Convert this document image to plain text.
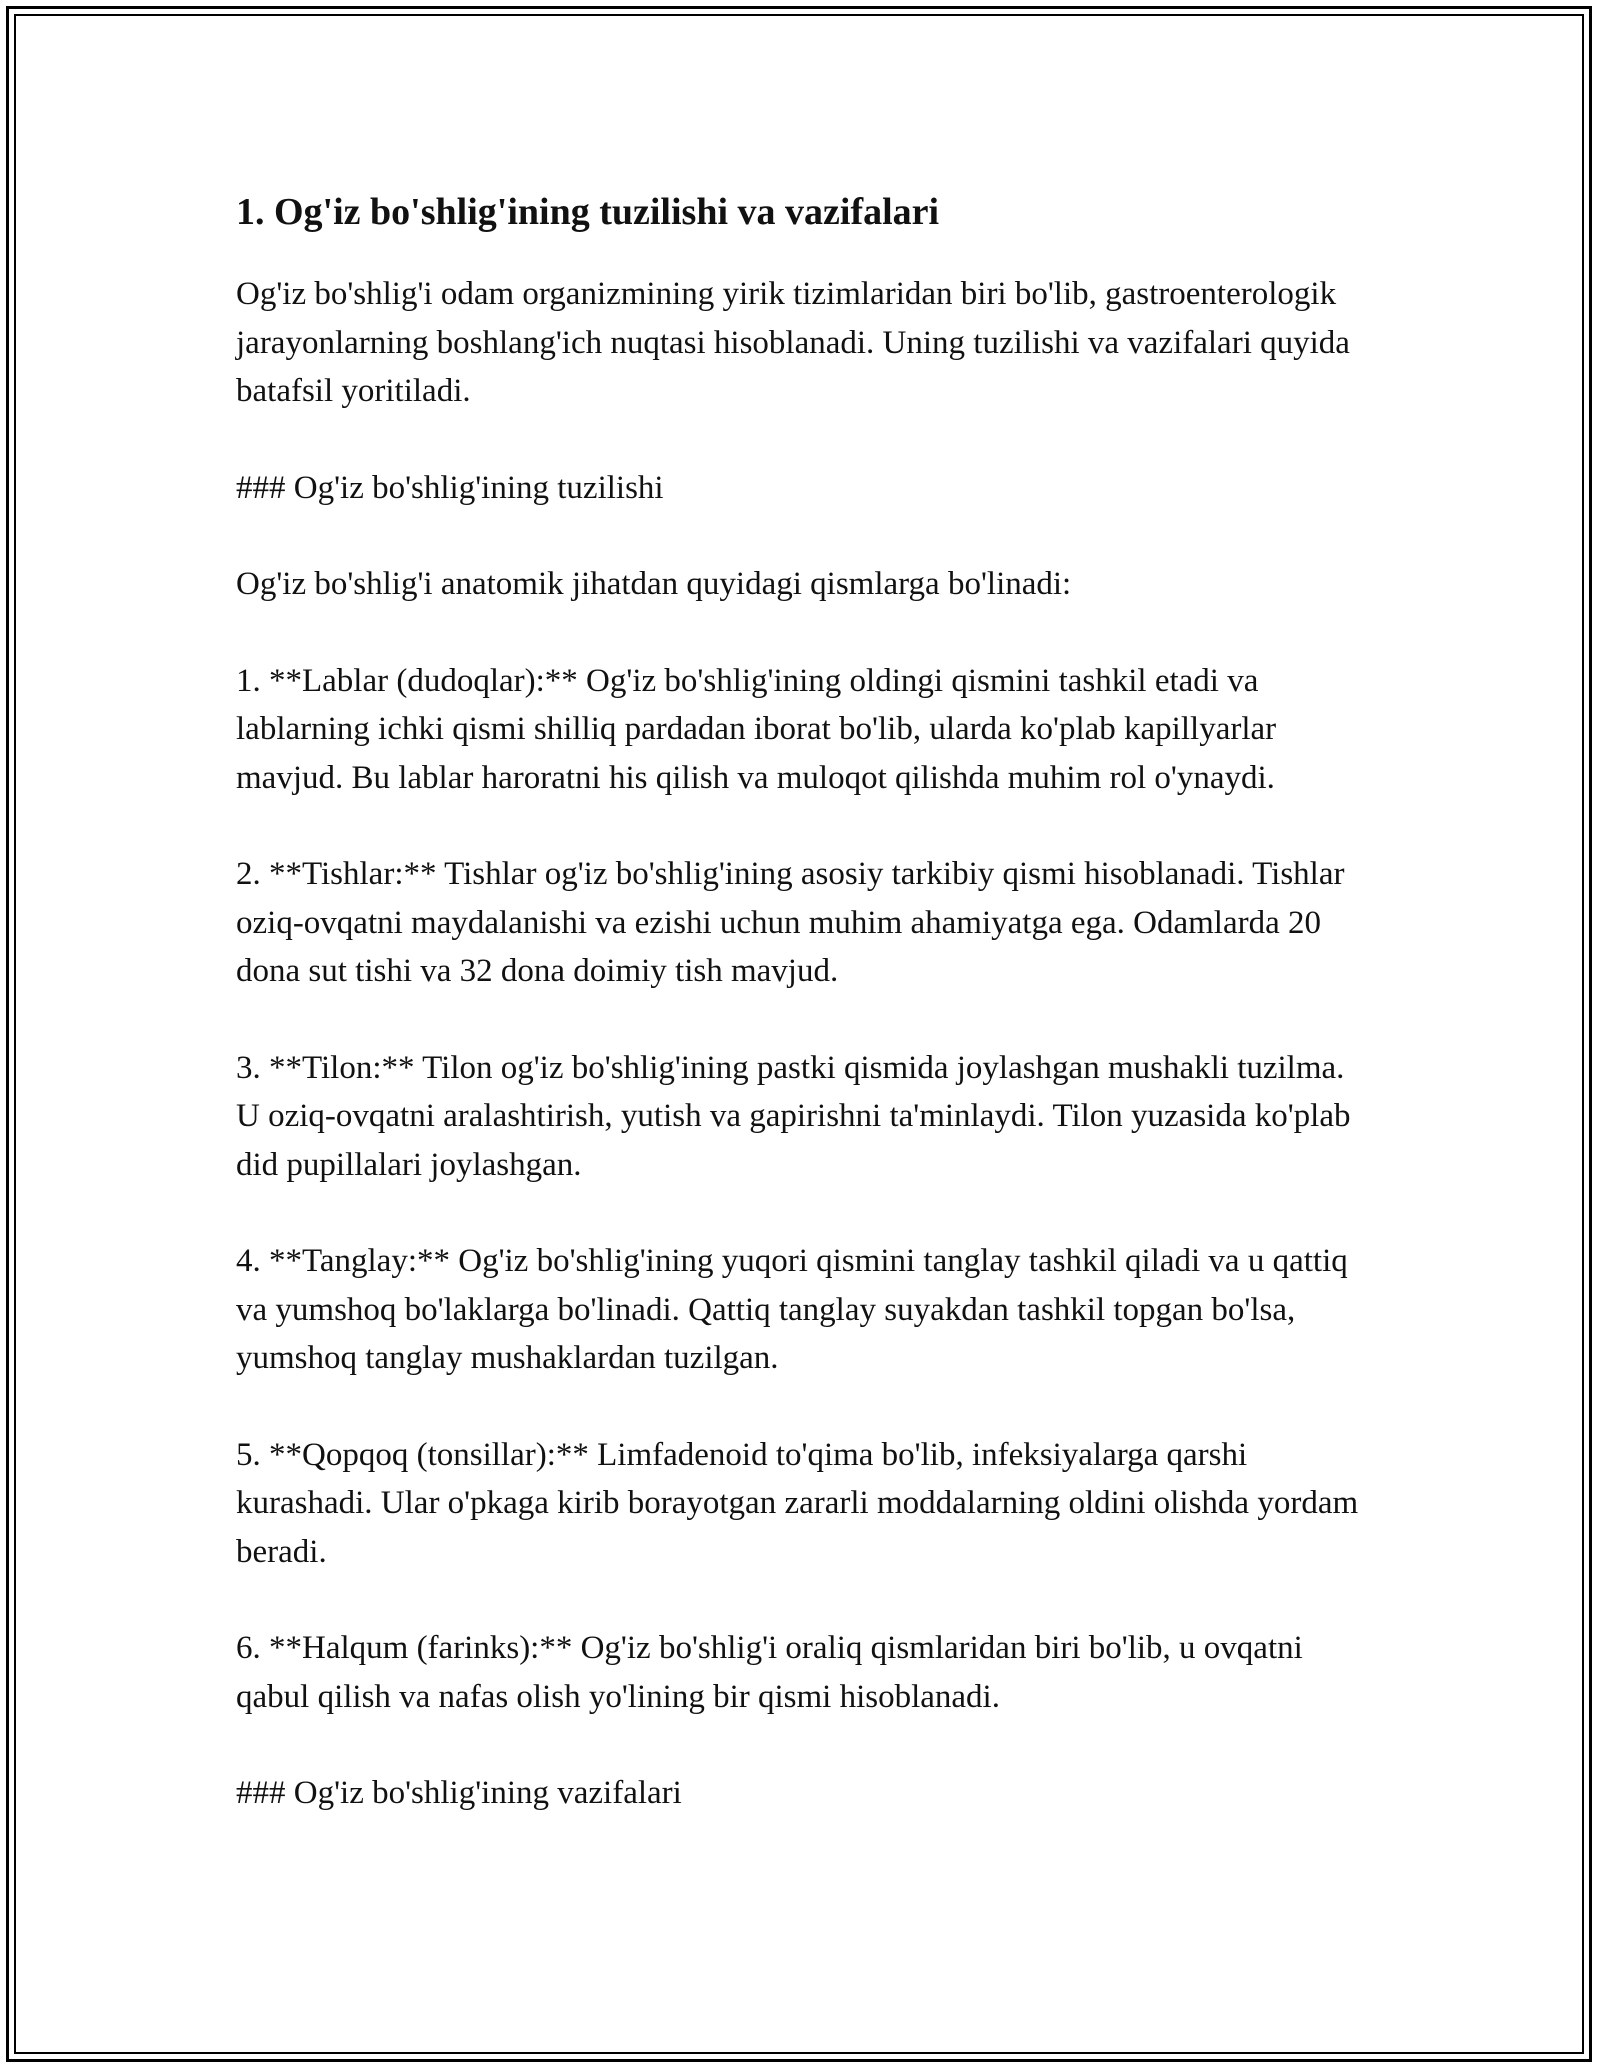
1. Og'iz bo'shlig'ining tuzilishi va vazifalari

Og'iz bo'shlig'i odam organizmining yirik tizimlaridan biri bo'lib, gastroenterologik jarayonlarning boshlang'ich nuqtasi hisoblanadi. Uning tuzilishi va vazifalari quyida batafsil yoritiladi.

### Og'iz bo'shlig'ining tuzilishi

Og'iz bo'shlig'i anatomik jihatdan quyidagi qismlarga bo'linadi:

1. **Lablar (dudoqlar):** Og'iz bo'shlig'ining oldingi qismini tashkil etadi va lablarning ichki qismi shilliq pardadan iborat bo'lib, ularda ko'plab kapillyarlar mavjud. Bu lablar haroratni his qilish va muloqot qilishda muhim rol o'ynaydi.

2. **Tishlar:** Tishlar og'iz bo'shlig'ining asosiy tarkibiy qismi hisoblanadi. Tishlar oziq-ovqatni maydalanishi va ezishi uchun muhim ahamiyatga ega. Odamlarda 20 dona sut tishi va 32 dona doimiy tish mavjud.

3. **Tilon:** Tilon og'iz bo'shlig'ining pastki qismida joylashgan mushakli tuzilma. U oziq-ovqatni aralashtirish, yutish va gapirishni ta'minlaydi. Tilon yuzasida ko'plab did pupillalari joylashgan.

4. **Tanglay:** Og'iz bo'shlig'ining yuqori qismini tanglay tashkil qiladi va u qattiq va yumshoq bo'laklarga bo'linadi. Qattiq tanglay suyakdan tashkil topgan bo'lsa, yumshoq tanglay mushaklardan tuzilgan.

5. **Qopqoq (tonsillar):** Limfadenoid to'qima bo'lib, infeksiyalarga qarshi kurashadi. Ular o'pkaga kirib borayotgan zararli moddalarning oldini olishda yordam beradi.

6. **Halqum (farinks):** Og'iz bo'shlig'i oraliq qismlaridan biri bo'lib, u ovqatni qabul qilish va nafas olish yo'lining bir qismi hisoblanadi.

### Og'iz bo'shlig'ining vazifalari
